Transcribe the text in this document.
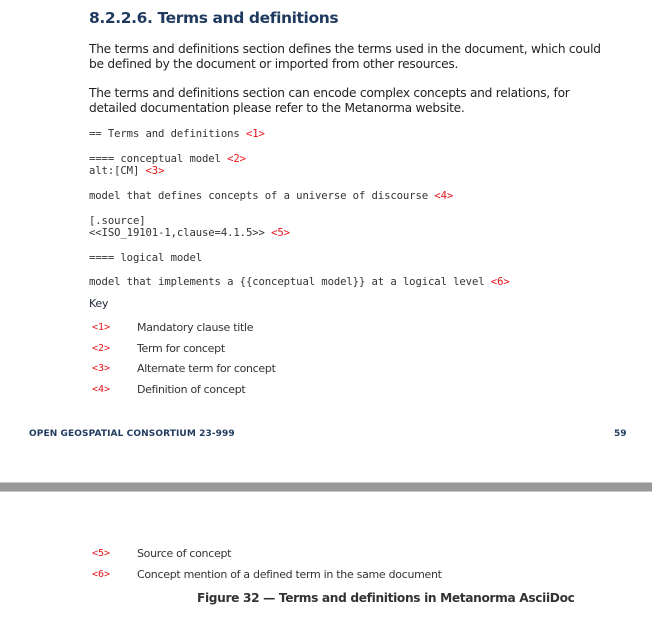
8.2.2.6. Terms and definitions
The terms and definitions section defines the terms used in the document, which could be defined by the document or imported from other resources.
The terms and definitions section can encode complex concepts and relations, for detailed documentation please refer to the Metanorma website.
== Terms and definitions <1>
==== conceptual model <2>
alt:[CM] <3>
model that defines concepts of a universe of discourse <4>
[.source]
<<ISO_19101-1,clause=4.1.5>> <5>
==== logical model
model that implements a {{conceptual model}} at a logical level <6>
Key
<1>	Mandatory clause title
<2>	Term for concept
<3>	Alternate term for concept
<4>	Definition of concept
OPEN GEOSPATIAL CONSORTIUM 23-999	59
<5>	Source of concept
<6>	Concept mention of a defined term in the same document
Figure 32 — Terms and definitions in Metanorma AsciiDoc
